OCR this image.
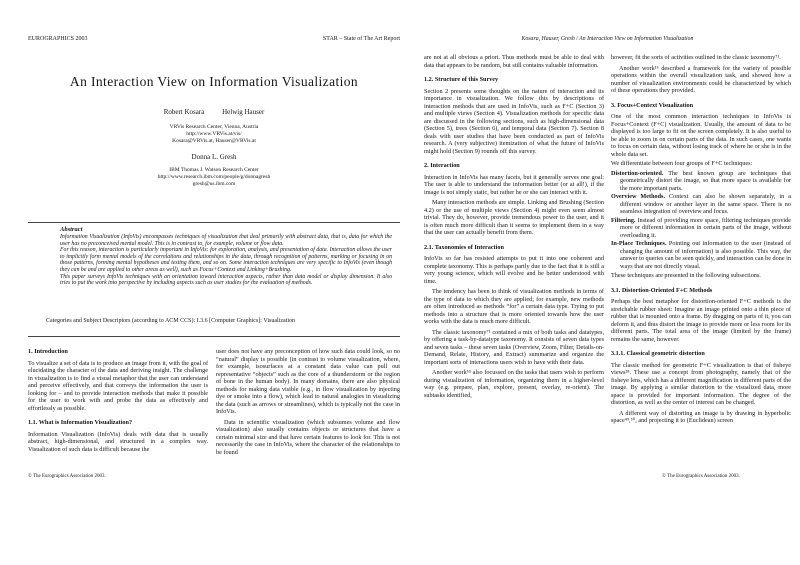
EUROGRAPHICS 2003	STAR – State of The Art Report
An Interaction View on Information Visualization
Robert Kosara	Helwig Hauser
VRVis Research Center, Vienna, Austria
http://www.VRVis.at/vis/
Kosara@VRVis.at, Hauser@VRVis.at
Donna L. Gresh
IBM Thomas J. Watson Research Center
http://www.research.ibm.com/people/g/donnagresh
gresh@us.ibm.com
Abstract
Information Visualization (InfoVis) encompasses techniques of visualization that deal primarily with abstract data, that is, data for which the user has no preconceived mental model. This is in contrast to, for example, volume or flow data.
For this reason, interaction is particularly important in InfoVis: for exploration, analysis, and presentation of data. Interaction allows the user to implicitly form mental models of the correlations and relationships in the data, through recognition of patterns, marking or focusing in on those patterns, forming mental hypotheses and testing them, and so on. Some interaction techniques are very specific to InfoVis (even though they can be and are applied to other areas as well), such as Focus+Context and Linking+Brushing.
This paper surveys InfoVis techniques with an orientation toward interaction aspects, rather than data model or display dimension. It also tries to put the work into perspective by including aspects such as user studies for the evaluation of methods.
Categories and Subject Descriptors (according to ACM CCS): I.3.6 [Computer Graphics]: Visualization
1. Introduction
To visualize a set of data is to produce an image from it, with the goal of elucidating the character of the data and deriving insight. The challenge in visualization is to find a visual metaphor that the user can understand and perceive effectively, and that conveys the information the user is looking for – and to provide interaction methods that make it possible for the user to work with and probe the data as effectively and effortlessly as possible.
1.1. What is Information Visualization?
Information Visualization (InfoVis) deals with data that is usually abstract, high-dimensional, and structured in a complex way. Visualization of such data is difficult because the
user does not have any preconception of how such data could look, so no “natural” display is possible (in contrast to volume visualization, where, for example, isosurfaces at a constant data value can pull out representative “objects” such as the core of a thunderstorm or the region of bone in the human body). In many domains, there are also physical methods for making data visible (e.g., in flow visualization by injecting dye or smoke into a flow), which lead to natural analogies in visualizing the data (such as arrows or streamlines), which is typically not the case in InfoVis.
Data in scientific visualization (which subsumes volume and flow visualization) also usually contains objects or structures that have a certain minimal size and that have certain features to look for. This is not necessarily the case in InfoVis, where the character of the relationships to be found
© The Eurographics Association 2003.
Kosara, Hauser, Gresh / An Interaction View on Information Visualization
are not at all obvious a priori. Thus methods must be able to deal with data that appears to be random, but still contains valuable information.
1.2. Structure of this Survey
Section 2 presents some thoughts on the nature of interaction and its importance in visualization. We follow this by descriptions of interaction methods that are used in InfoVis, such as F+C (Section 3) and multiple views (Section 4). Visualization methods for specific data are discussed in the following sections, such as high-dimensional data (Section 5), trees (Section 6), and temporal data (Section 7). Section 8 deals with user studies that have been conducted as part of InfoVis research. A (very subjective) itemization of what the future of InfoVis might hold (Section 9) rounds off this survey.
2. Interaction
Interaction in InfoVis has many facets, but it generally serves one goal: The user is able to understand the information better (or at all!), if the image is not simply static, but rather he or she can interact with it.
Many interaction methods are simple. Linking and Brushing (Section 4.2) or the use of multiple views (Section 4) might even seem almost trivial. They do, however, provide tremendous power to the user, and it is often much more difficult than it seems to implement them in a way that the user can actually benefit from them.
2.1. Taxonomies of Interaction
InfoVis so far has resisted attempts to put it into one coherent and complete taxonomy. This is perhaps partly due to the fact that it is still a very young science, which will evolve and be better understood with time.
The tendency has been to think of visualization methods in terms of the type of data to which they are applied; for example, new methods are often introduced as methods “for” a certain data type. Trying to put methods into a structure that is more oriented towards how the user works with the data is much more difficult.
The classic taxonomy⁷¹ contained a mix of both tasks and datatypes, by offering a task-by-datatype taxonomy. It consists of seven data types and seven tasks – these seven tasks (Overview, Zoom, Filter, Details-on-Demand, Relate, History, and Extract) summarize and organize the important sorts of interactions users wish to have with their data.
Another work⁵⁵ also focussed on the tasks that users wish to perform during visualization of information, organizing them in a higher-level way (e.g. prepare, plan, explore, present, overlay, re-orient). The subtasks identified,
however, fit the sorts of activities outlined in the classic taxonomy⁷¹.
Another work¹⁵ described a framework for the variety of possible operations within the overall visualization task, and showed how a number of visualization environments could be characterized by which of these operations they provided.
3. Focus+Context Visualization
One of the most common interaction techniques in InfoVis is Focus+Context (F+C) visualization. Usually, the amount of data to be displayed is too large to fit on the screen completely. It is also useful to be able to zoom in on certain parts of the data. In such cases, one wants to focus on certain data, without losing track of where he or she is in the whole data set.
We differentiate between four groups of F+C techniques:
Distortion-oriented. The best known group are techniques that geometrically distort the image, so that more space is available for the more important parts.
Overview Methods. Context can also be shown separately, in a different window or another layer in the same space. There is no seamless integration of overview and focus.
Filtering. Instead of providing more space, filtering techniques provide more or different information in certain parts of the image, without overloading it.
In-Place Techniques. Pointing out information to the user (instead of changing the amount of information) is also possible. This way, the answer to queries can be seen quickly, and interaction can be done in ways that are not directly visual.
These techniques are presented in the following subsections.
3.1. Distortion-Oriented F+C Methods
Perhaps the best metaphor for distortion-oriented F+C methods is the stretchable rubber sheet: Imagine an image printed onto a thin piece of rubber that is mounted onto a frame. By dragging on parts of it, you can deform it, and thus distort the image to provide more or less room for its different parts. The total area of the image (limited by the frame) remains the same, however.
3.1.1. Classical geometric distortion
The classic method for geometric F+C visualization is that of fisheye views²⁸. These use a concept from photography, namely that of the fisheye lens, which has a different magnification in different parts of the image. By applying a similar distortion to the visualized data, more space is provided for important information. The degree of the distortion, as well as the center of interest can be changed.
A different way of distorting an image is by drawing in hyperbolic space⁴⁹,⁵⁰, and projecting it to (Euclidean) screen
© The Eurographics Association 2003.
